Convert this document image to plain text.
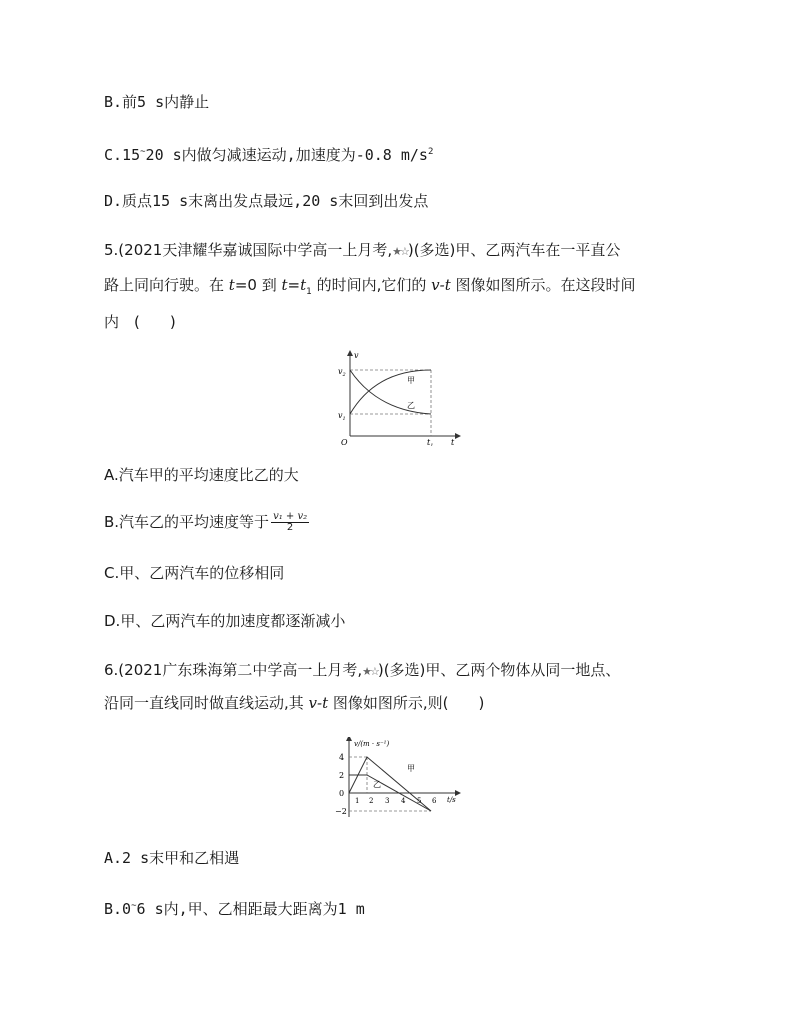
B.前5 s内静止
C.15~20 s内做匀减速运动,加速度为-0.8 $m/s^2$
D.质点15 s末离出发点最远,20 s末回到出发点
5.(2021天津耀华嘉诚国际中学高一上月考,★☆)(多选)甲、乙两汽车在一平直公
路上同向行驶。在 t=0 到 $t=t_1$ 的时间内,它们的 v-t 图像如图所示。在这段时间
内　(　　)
$v_2$
$v_1$
v
t
O	$t_1$
甲
乙
A.汽车甲的平均速度比乙的大
B.汽车乙的平均速度等于 $\frac{\text{v₁ + v₂}}{2}$
C.甲、乙两汽车的位移相同
D.甲、乙两汽车的加速度都逐渐减小
6.(2021广东珠海第二中学高一上月考,★☆)(多选)甲、乙两个物体从同一地点、
沿同一直线同时做直线运动,其 v-t 图像如图所示,则(　　)
v/(m · s⁻¹)
t/s
4
2
0
−2
1 2 3 4 5 6
甲
乙
A.2 s末甲和乙相遇
B.0~6 s内,甲、乙相距最大距离为1 m
